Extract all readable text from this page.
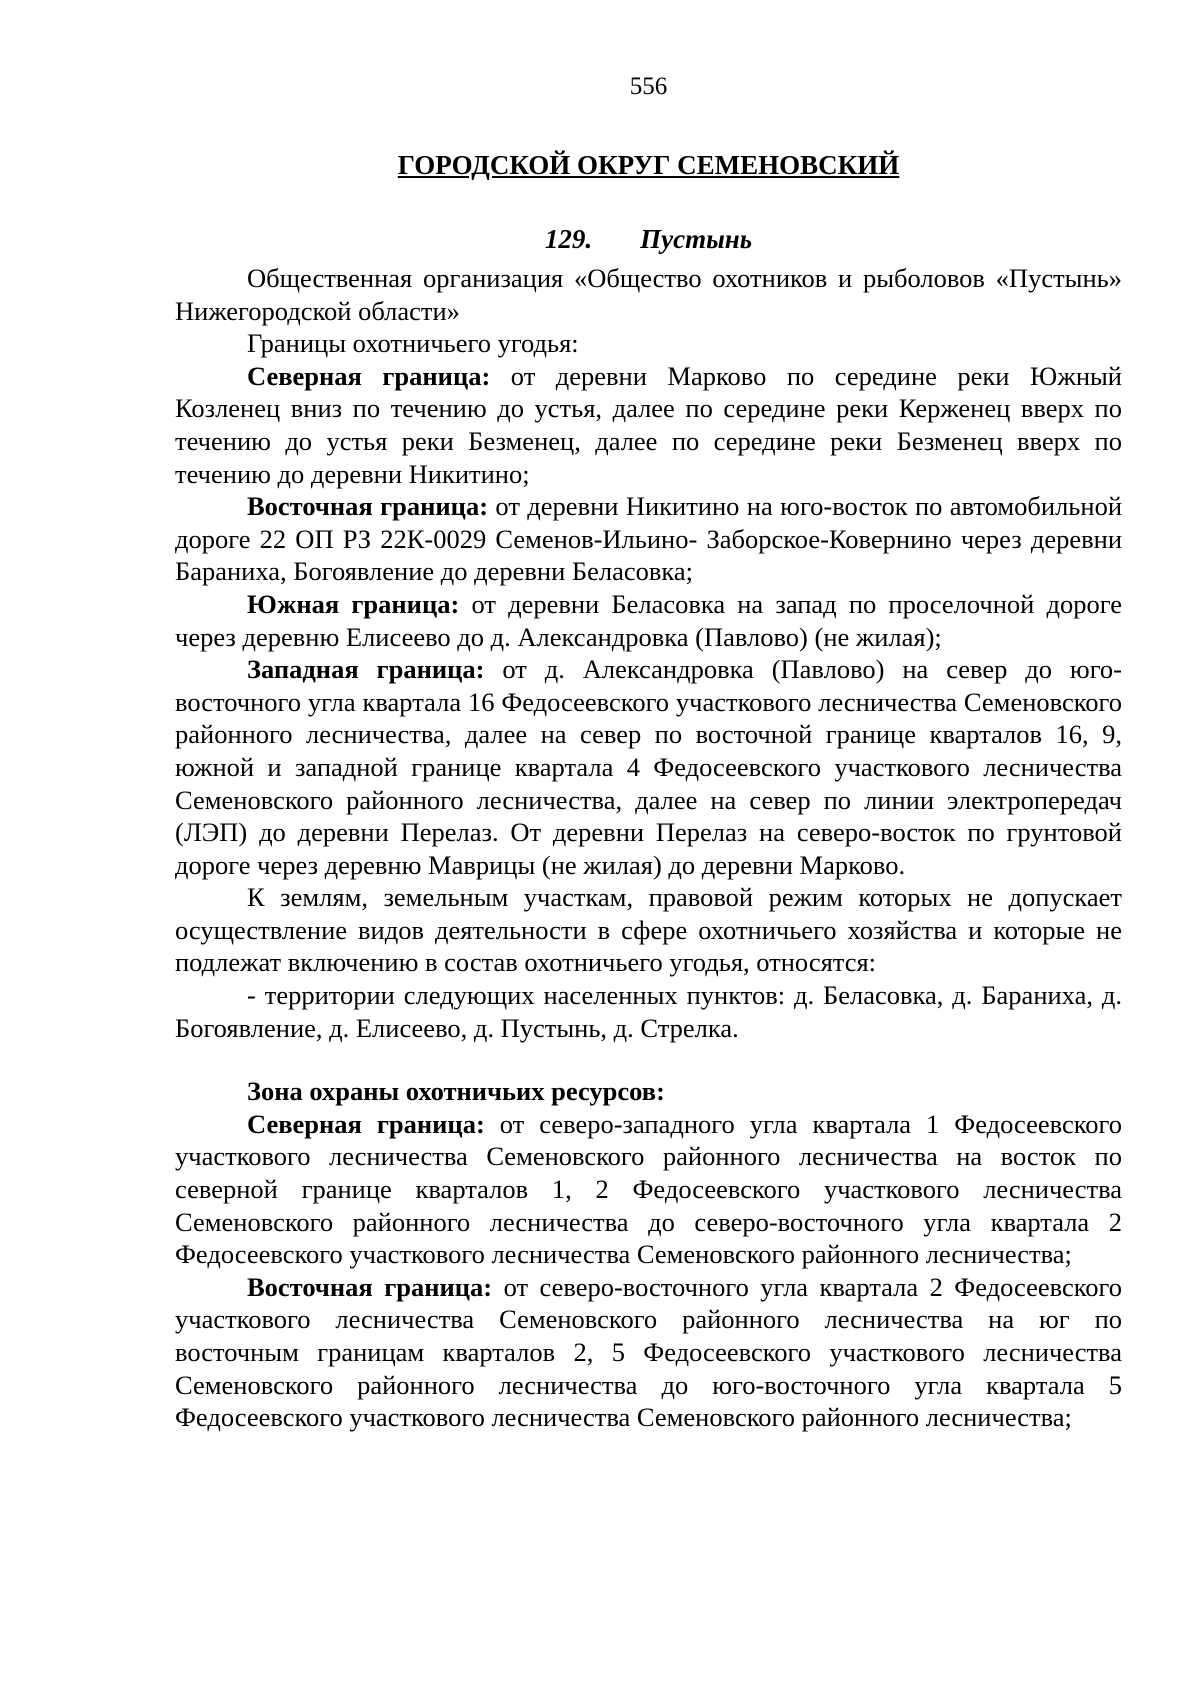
556
ГОРОДСКОЙ ОКРУГ СЕМЕНОВСКИЙ
129. Пустынь

Общественная организация «Общество охотников и рыболовов «Пустынь» Нижегородской области»

Границы охотничьего угодья:

Северная граница: от деревни Марково по середине реки Южный Козленец вниз по течению до устья, далее по середине реки Керженец вверх по течению до устья реки Безменец, далее по середине реки Безменец вверх по течению до деревни Никитино;

Восточная граница: от деревни Никитино на юго-восток по автомобильной дороге 22 ОП РЗ 22К-0029 Семенов-Ильино- Заборское-Ковернино через деревни Бараниха, Богоявление до деревни Беласовка;

Южная граница: от деревни Беласовка на запад по проселочной дороге через деревню Елисеево до д. Александровка (Павлово) (не жилая);

Западная граница: от д. Александровка (Павлово) на север до юго-восточного угла квартала 16 Федосеевского участкового лесничества Семеновского районного лесничества, далее на север по восточной границе кварталов 16, 9, южной и западной границе квартала 4 Федосеевского участкового лесничества Семеновского районного лесничества, далее на север по линии электропередач (ЛЭП) до деревни Перелаз. От деревни Перелаз на северо-восток по грунтовой дороге через деревню Маврицы (не жилая) до деревни Марково.

К землям, земельным участкам, правовой режим которых не допускает осуществление видов деятельности в сфере охотничьего хозяйства и которые не подлежат включению в состав охотничьего угодья, относятся:

- территории следующих населенных пунктов: д. Беласовка, д. Бараниха, д. Богоявление, д. Елисеево, д. Пустынь, д. Стрелка.

Зона охраны охотничьих ресурсов:

Северная граница: от северо-западного угла квартала 1 Федосеевского участкового лесничества Семеновского районного лесничества на восток по северной границе кварталов 1, 2 Федосеевского участкового лесничества Семеновского районного лесничества до северо-восточного угла квартала 2 Федосеевского участкового лесничества Семеновского районного лесничества;

Восточная граница: от северо-восточного угла квартала 2 Федосеевского участкового лесничества Семеновского районного лесничества на юг по восточным границам кварталов 2, 5 Федосеевского участкового лесничества Семеновского районного лесничества до юго-восточного угла квартала 5 Федосеевского участкового лесничества Семеновского районного лесничества;
